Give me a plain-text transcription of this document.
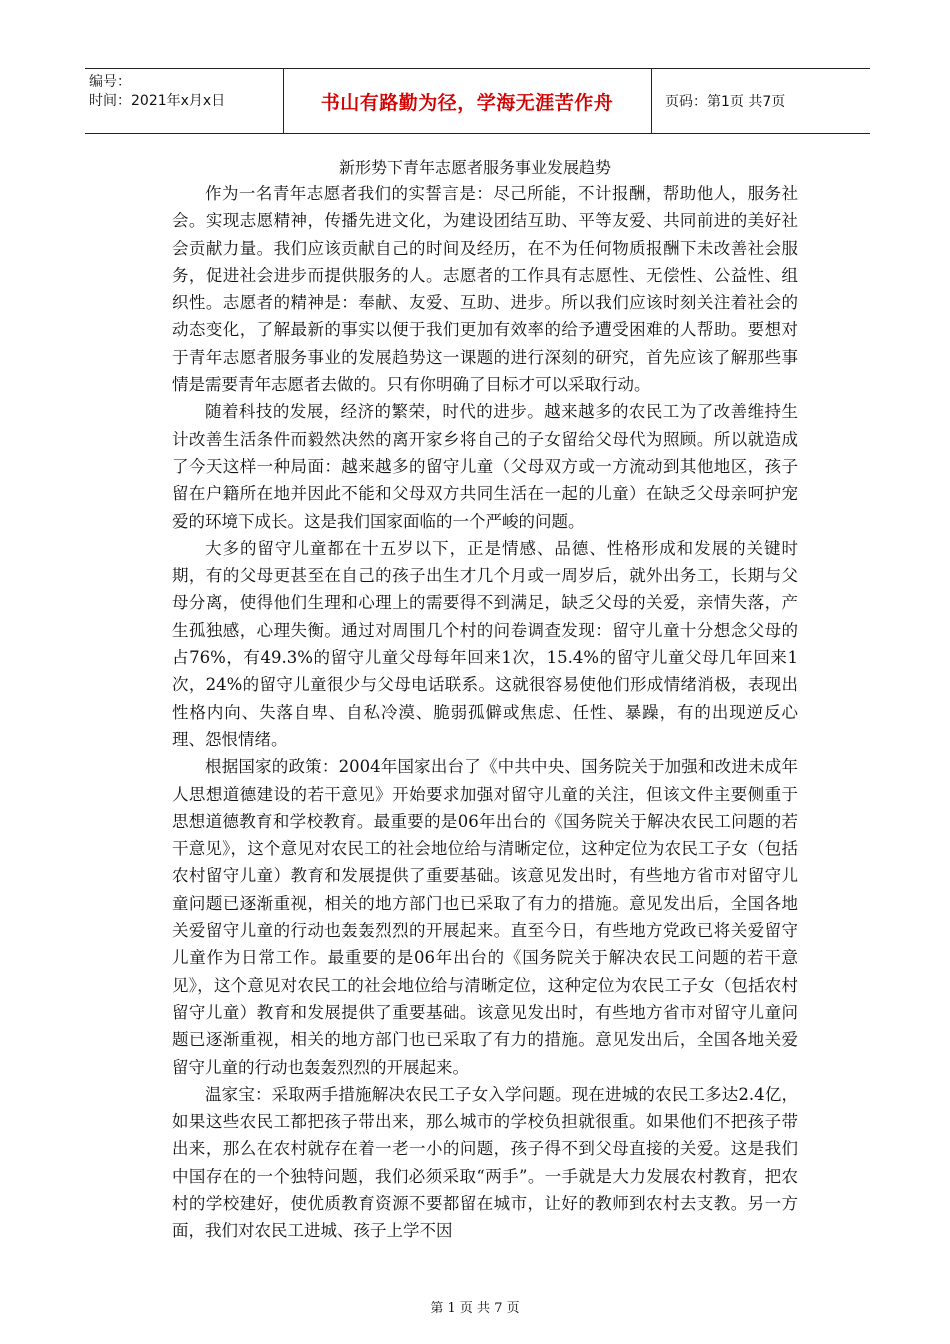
编号：
时间：2021年x月x日	书山有路勤为径，学海无涯苦作舟	页码：第1页 共7页
新形势下青年志愿者服务事业发展趋势

作为一名青年志愿者我们的实誓言是：尽己所能，不计报酬，帮助他人，服务社会。实现志愿精神，传播先进文化，为建设团结互助、平等友爱、共同前进的美好社会贡献力量。我们应该贡献自己的时间及经历，在不为任何物质报酬下未改善社会服务，促进社会进步而提供服务的人。志愿者的工作具有志愿性、无偿性、公益性、组织性。志愿者的精神是：奉献、友爱、互助、进步。所以我们应该时刻关注着社会的动态变化，了解最新的事实以便于我们更加有效率的给予遭受困难的人帮助。要想对于青年志愿者服务事业的发展趋势这一课题的进行深刻的研究，首先应该了解那些事情是需要青年志愿者去做的。只有你明确了目标才可以采取行动。

随着科技的发展，经济的繁荣，时代的进步。越来越多的农民工为了改善维持生计改善生活条件而毅然决然的离开家乡将自己的子女留给父母代为照顾。所以就造成了今天这样一种局面：越来越多的留守儿童（父母双方或一方流动到其他地区，孩子留在户籍所在地并因此不能和父母双方共同生活在一起的儿童）在缺乏父母亲呵护宠爱的环境下成长。这是我们国家面临的一个严峻的问题。

大多的留守儿童都在十五岁以下，正是情感、品德、性格形成和发展的关键时期，有的父母更甚至在自己的孩子出生才几个月或一周岁后，就外出务工，长期与父母分离，使得他们生理和心理上的需要得不到满足，缺乏父母的关爱，亲情失落，产生孤独感，心理失衡。通过对周围几个村的问卷调查发现：留守儿童十分想念父母的占76%，有49.3%的留守儿童父母每年回来1次，15.4%的留守儿童父母几年回来1次，24%的留守儿童很少与父母电话联系。这就很容易使他们形成情绪消极，表现出性格内向、失落自卑、自私冷漠、脆弱孤僻或焦虑、任性、暴躁，有的出现逆反心理、怨恨情绪。

根据国家的政策：2004年国家出台了《中共中央、国务院关于加强和改进未成年人思想道德建设的若干意见》开始要求加强对留守儿童的关注，但该文件主要侧重于思想道德教育和学校教育。最重要的是06年出台的《国务院关于解决农民工问题的若干意见》，这个意见对农民工的社会地位给与清晰定位，这种定位为农民工子女（包括农村留守儿童）教育和发展提供了重要基础。该意见发出时，有些地方省市对留守儿童问题已逐渐重视，相关的地方部门也已采取了有力的措施。意见发出后，全国各地关爱留守儿童的行动也轰轰烈烈的开展起来。直至今日，有些地方党政已将关爱留守儿童作为日常工作。最重要的是06年出台的《国务院关于解决农民工问题的若干意见》，这个意见对农民工的社会地位给与清晰定位，这种定位为农民工子女（包括农村留守儿童）教育和发展提供了重要基础。该意见发出时，有些地方省市对留守儿童问题已逐渐重视，相关的地方部门也已采取了有力的措施。意见发出后，全国各地关爱留守儿童的行动也轰轰烈烈的开展起来。

温家宝：采取两手措施解决农民工子女入学问题。现在进城的农民工多达2.4亿，如果这些农民工都把孩子带出来，那么城市的学校负担就很重。如果他们不把孩子带出来，那么在农村就存在着一老一小的问题，孩子得不到父母直接的关爱。这是我们中国存在的一个独特问题，我们必须采取“两手”。一手就是大力发展农村教育，把农村的学校建好，使优质教育资源不要都留在城市，让好的教师到农村去支教。另一方面，我们对农民工进城、孩子上学不因

第 1 页 共 7 页
